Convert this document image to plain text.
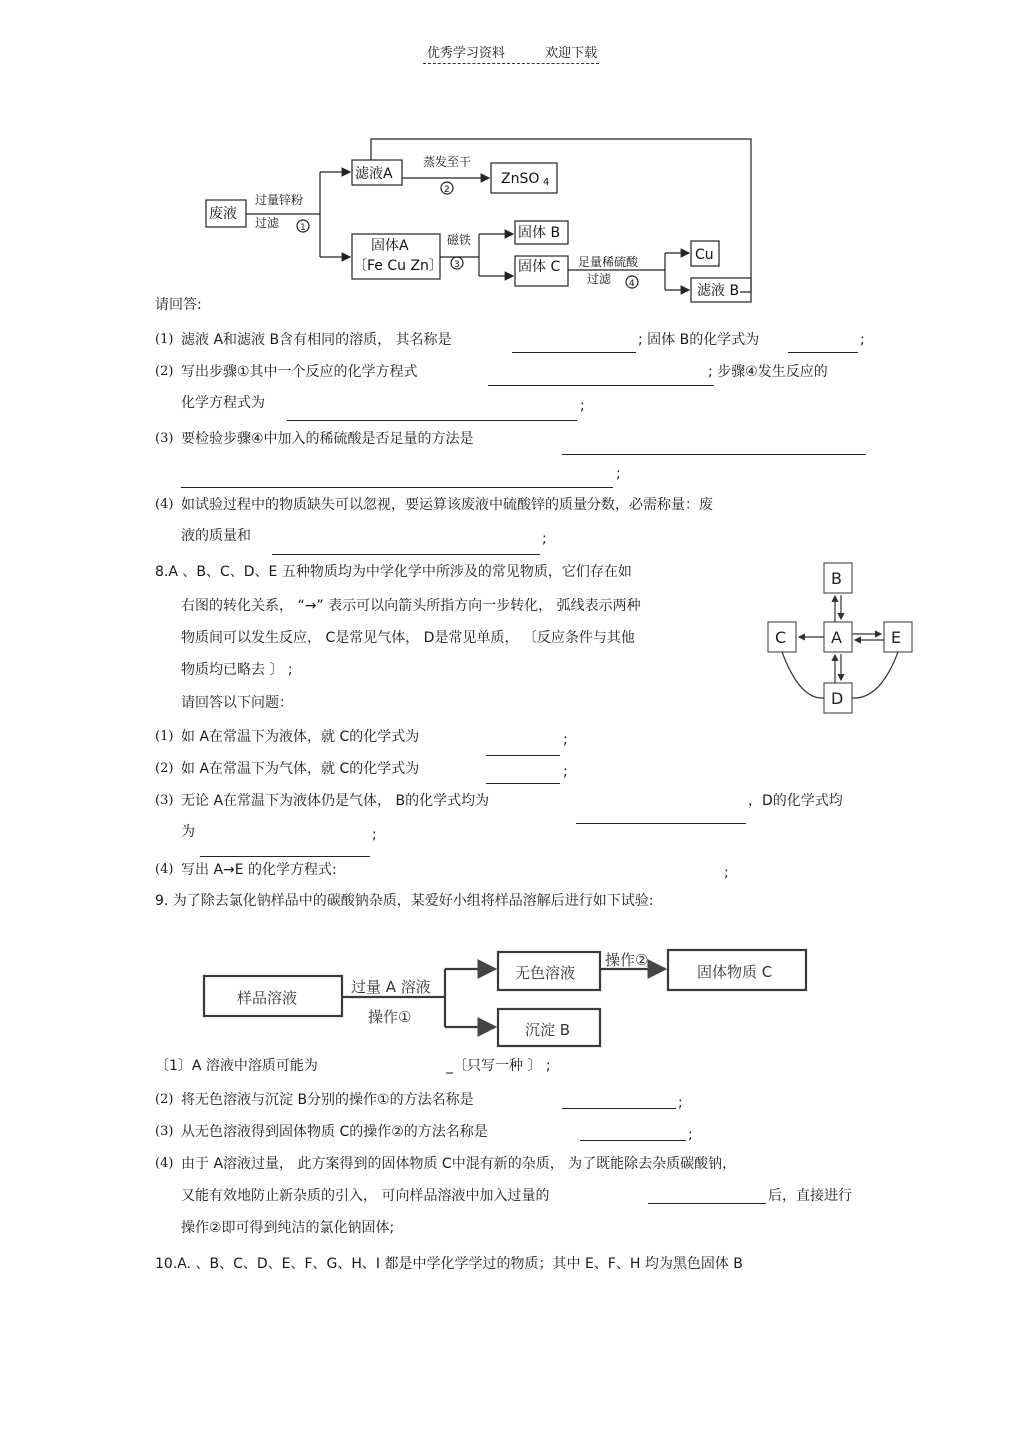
优秀学习资料	欢迎下载
废液
过量锌粉
过滤 1
滤液A
蒸发至干
2
ZnSO 4
固体A
〔Fe Cu Zn〕
磁铁
3
固体 B
固体 C 足量稀硫酸
过滤 4
Cu
滤液 B
请回答:
(1) 滤液 A和滤液 B含有相同的溶质， 其名称是	; 固体 B的化学式为	;
(2) 写出步骤①其中一个反应的化学方程式	; 步骤④发生反应的
化学方程式为	;
(3) 要检验步骤④中加入的稀硫酸是否足量的方法是
;
(4) 如试验过程中的物质缺失可以忽视，要运算该废液中硫酸锌的质量分数，必需称量：废
液的质量和	;
8.A 、B、C、D、E 五种物质均为中学化学中所涉及的常见物质，它们存在如
右图的转化关系， “→” 表示可以向箭头所指方向一步转化， 弧线表示两种
物质间可以发生反应， C是常见气体， D是常见单质， 〔反应条件与其他
物质均已略去 〕 ;
请回答以下问题：
B
C	A	E
D
(1) 如 A在常温下为液体，就 C的化学式为	;
(2) 如 A在常温下为气体，就 C的化学式为	;
(3) 无论 A在常温下为液体仍是气体， B的化学式均为	，D的化学式均
为	;
(4) 写出 A→E 的化学方程式:	;
9. 为了除去氯化钠样品中的碳酸钠杂质，某爱好小组将样品溶解后进行如下试验:
样品溶液
过量 A 溶液
操作①
无色溶液
操作②
固体物质 C
沉淀 B
〔1〕A 溶液中溶质可能为	_〔只写一种 〕 ;
(2) 将无色溶液与沉淀 B分别的操作①的方法名称是	;
(3) 从无色溶液得到固体物质 C的操作②的方法名称是	;
(4) 由于 A溶液过量， 此方案得到的固体物质 C中混有新的杂质， 为了既能除去杂质碳酸钠，
又能有效地防止新杂质的引入， 可向样品溶液中加入过量的	后，直接进行
操作②即可得到纯洁的氯化钠固体;
10.A. 、B、C、D、E、F、G、H、I 都是中学化学学过的物质；其中 E、F、H 均为黑色固体 B
